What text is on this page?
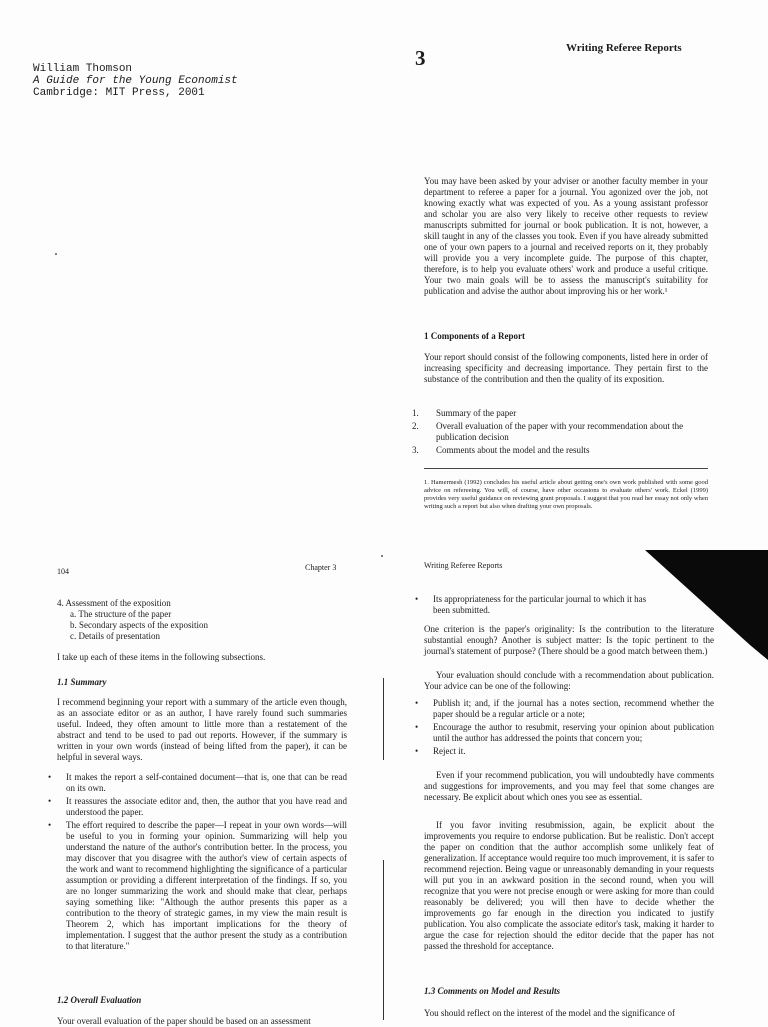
William Thomson
A Guide for the Young Economist
Cambridge: MIT Press, 2001
3	Writing Referee Reports

You may have been asked by your adviser or another faculty member in your department to referee a paper for a journal. You agonized over the job, not knowing exactly what was expected of you. As a young assistant professor and scholar you are also very likely to receive other requests to review manuscripts submitted for journal or book publication. It is not, however, a skill taught in any of the classes you took. Even if you have already submitted one of your own papers to a journal and received reports on it, they probably will provide you a very incomplete guide. The purpose of this chapter, therefore, is to help you evaluate others' work and produce a useful critique. Your two main goals will be to assess the manuscript's suitability for publication and advise the author about improving his or her work.¹

1 Components of a Report

Your report should consist of the following components, listed here in order of increasing specificity and decreasing importance. They pertain first to the substance of the contribution and then the quality of its exposition.

1. Summary of the paper
2. Overall evaluation of the paper with your recommendation about the publication decision
3. Comments about the model and the results

1. Hamermesh (1992) concludes his useful article about getting one's own work published with some good advice on refereeing. You will, of course, have other occasions to evaluate others' work. Eckel (1999) provides very useful guidance on reviewing grant proposals. I suggest that you read her essay not only when writing such a report but also when drafting your own proposals.

104	Chapter 3
4. Assessment of the exposition
a. The structure of the paper
b. Secondary aspects of the exposition
c. Details of presentation

I take up each of these items in the following subsections.

1.1 Summary

I recommend beginning your report with a summary of the article even though, as an associate editor or as an author, I have rarely found such summaries useful. Indeed, they often amount to little more than a restatement of the abstract and tend to be used to pad out reports. However, if the summary is written in your own words (instead of being lifted from the paper), it can be helpful in several ways.

• It makes the report a self-contained document—that is, one that can be read on its own.
• It reassures the associate editor and, then, the author that you have read and understood the paper.
• The effort required to describe the paper—I repeat in your own words—will be useful to you in forming your opinion. Summarizing will help you understand the nature of the author's contribution better. In the process, you may discover that you disagree with the author's view of certain aspects of the work and want to recommend highlighting the significance of a particular assumption or providing a different interpretation of the findings. If so, you are no longer summarizing the work and should make that clear, perhaps saying something like: "Although the author presents this paper as a contribution to the theory of strategic games, in my view the main result is Theorem 2, which has important implications for the theory of implementation. I suggest that the author present the study as a contribution to that literature."
1.2 Overall Evaluation

Your overall evaluation of the paper should be based on an assessment

Writing Referee Reports
• Its appropriateness for the particular journal to which it has been submitted.

One criterion is the paper's originality: Is the contribution to the literature substantial enough? Another is subject matter: Is the topic pertinent to the journal's statement of purpose? (There should be a good match between them.)

Your evaluation should conclude with a recommendation about publication. Your advice can be one of the following:

• Publish it; and, if the journal has a notes section, recommend whether the paper should be a regular article or a note;
• Encourage the author to resubmit, reserving your opinion about publication until the author has addressed the points that concern you;
• Reject it.

Even if your recommend publication, you will undoubtedly have comments and suggestions for improvements, and you may feel that some changes are necessary. Be explicit about which ones you see as essential.

If you favor inviting resubmission, again, be explicit about the improvements you require to endorse publication. But be realistic. Don't accept the paper on condition that the author accomplish some unlikely feat of generalization. If acceptance would require too much improvement, it is safer to recommend rejection. Being vague or unreasonably demanding in your requests will put you in an awkward position in the second round, when you will recognize that you were not precise enough or were asking for more than could reasonably be delivered; you will then have to decide whether the improvements go far enough in the direction you indicated to justify publication. You also complicate the associate editor's task, making it harder to argue the case for rejection should the editor decide that the paper has not passed the threshold for acceptance.

1.3 Comments on Model and Results

You should reflect on the interest of the model and the significance of
